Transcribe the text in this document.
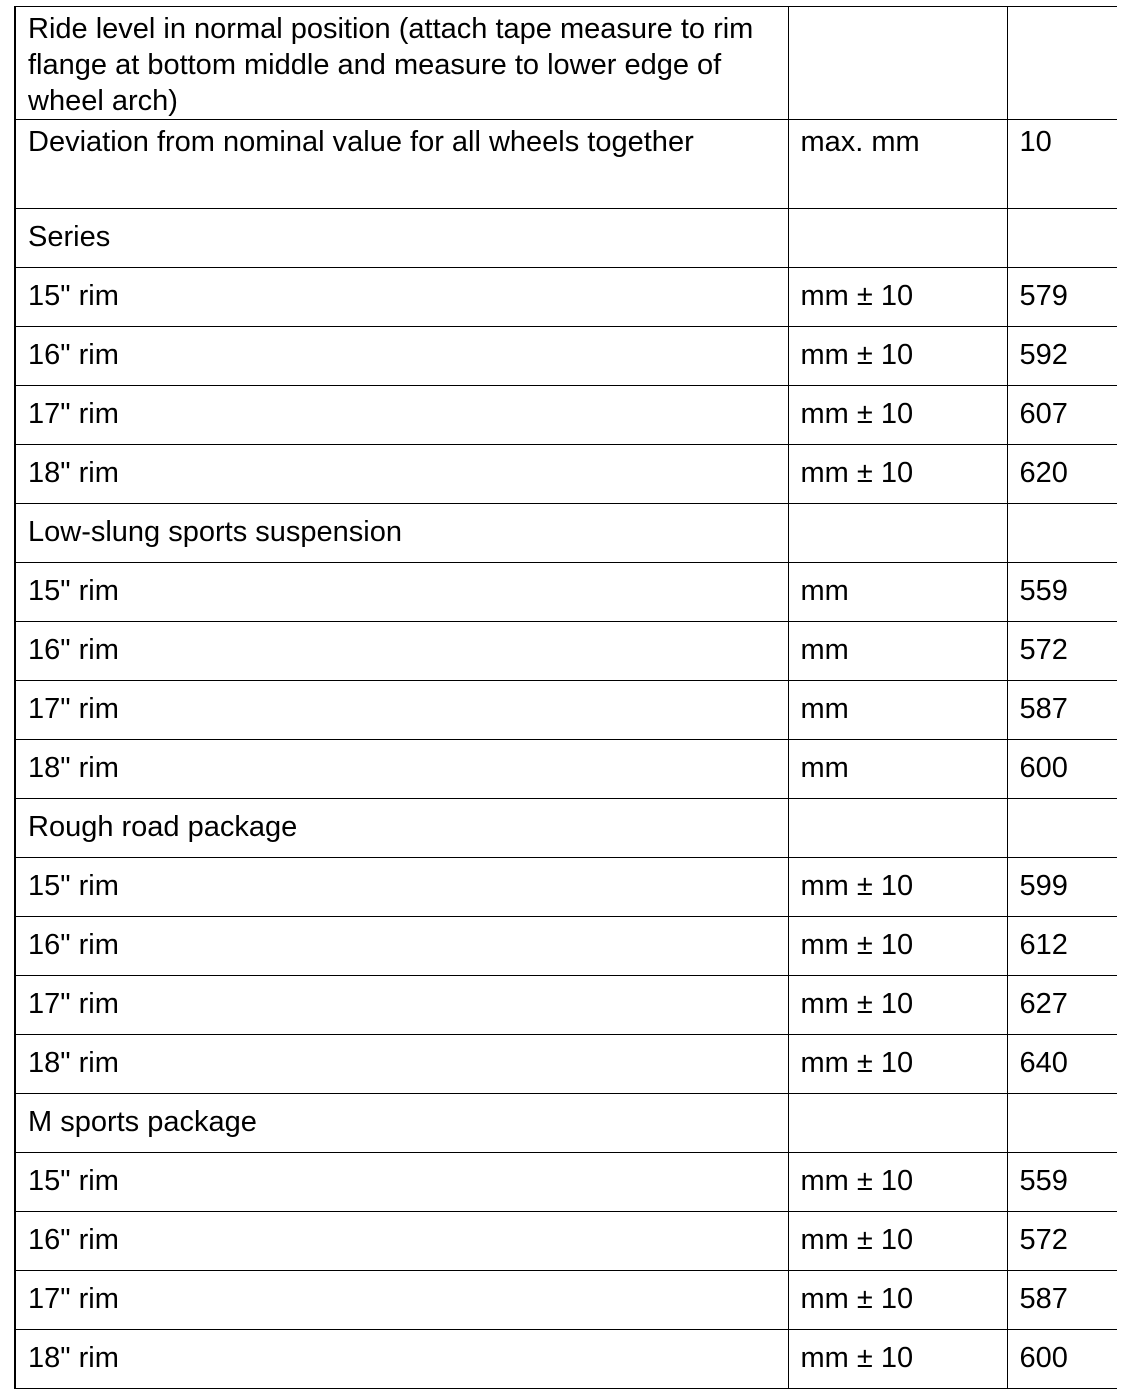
Ride level in normal position (attach tape measure to rim flange at bottom middle and measure to lower edge of wheel arch)		
Deviation from nominal value for all wheels together	max. mm	10
Series		
15" rim	mm ± 10	579
16" rim	mm ± 10	592
17" rim	mm ± 10	607
18" rim	mm ± 10	620
Low-slung sports suspension		
15" rim	mm	559
16" rim	mm	572
17" rim	mm	587
18" rim	mm	600
Rough road package		
15" rim	mm ± 10	599
16" rim	mm ± 10	612
17" rim	mm ± 10	627
18" rim	mm ± 10	640
M sports package		
15" rim	mm ± 10	559
16" rim	mm ± 10	572
17" rim	mm ± 10	587
18" rim	mm ± 10	600
